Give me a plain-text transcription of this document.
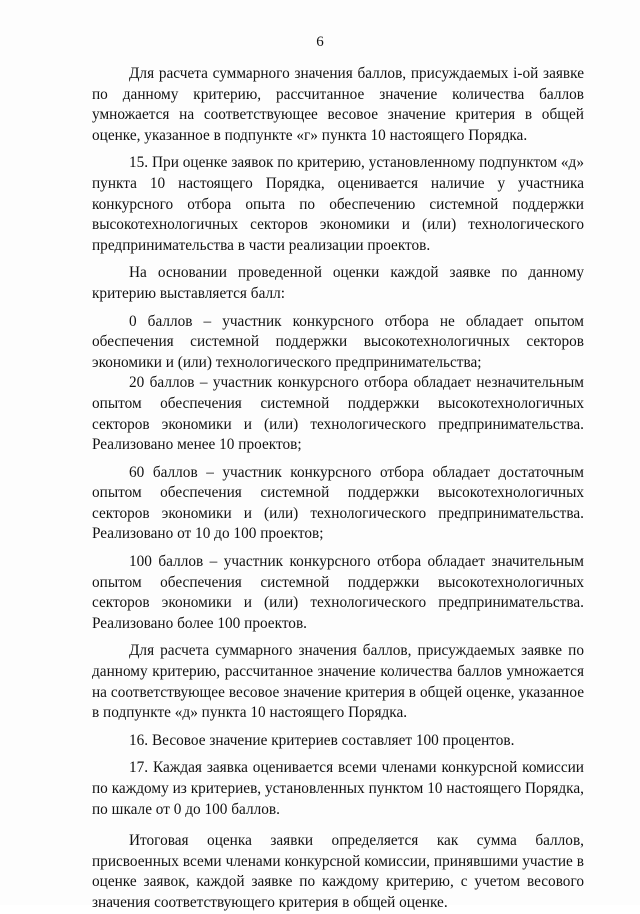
6

Для расчета суммарного значения баллов, присуждаемых i-ой заявке по данному критерию, рассчитанное значение количества баллов умножается на соответствующее весовое значение критерия в общей оценке, указанное в подпункте «г» пункта 10 настоящего Порядка.

15. При оценке заявок по критерию, установленному подпунктом «д» пункта 10 настоящего Порядка, оценивается наличие у участника конкурсного отбора опыта по обеспечению системной поддержки высокотехнологичных секторов экономики и (или) технологического предпринимательства в части реализации проектов.

На основании проведенной оценки каждой заявке по данному критерию выставляется балл:

0 баллов – участник конкурсного отбора не обладает опытом обеспечения системной поддержки высокотехнологичных секторов экономики и (или) технологического предпринимательства;

20 баллов – участник конкурсного отбора обладает незначительным опытом обеспечения системной поддержки высокотехнологичных секторов экономики и (или) технологического предпринимательства. Реализовано менее 10 проектов;

60 баллов – участник конкурсного отбора обладает достаточным опытом обеспечения системной поддержки высокотехнологичных секторов экономики и (или) технологического предпринимательства. Реализовано от 10 до 100 проектов;

100 баллов – участник конкурсного отбора обладает значительным опытом обеспечения системной поддержки высокотехнологичных секторов экономики и (или) технологического предпринимательства. Реализовано более 100 проектов.

Для расчета суммарного значения баллов, присуждаемых заявке по данному критерию, рассчитанное значение количества баллов умножается на соответствующее весовое значение критерия в общей оценке, указанное в подпункте «д» пункта 10 настоящего Порядка.

16. Весовое значение критериев составляет 100 процентов.

17. Каждая заявка оценивается всеми членами конкурсной комиссии по каждому из критериев, установленных пунктом 10 настоящего Порядка, по шкале от 0 до 100 баллов.

Итоговая оценка заявки определяется как сумма баллов, присвоенных всеми членами конкурсной комиссии, принявшими участие в оценке заявок, каждой заявке по каждому критерию, с учетом весового значения соответствующего критерия в общей оценке.
